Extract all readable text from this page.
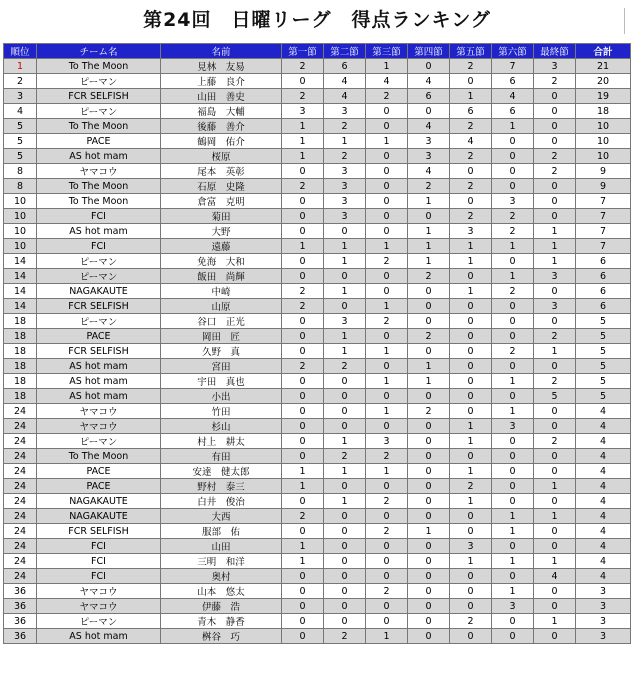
第24回　日曜リーグ　得点ランキング
順位	チーム名	名前	第一節	第二節	第三節	第四節	第五節	第六節	最終節	合計
1	To The Moon	見林　友易	2	6	1	0	2	7	3	21
2	ピーマン	上藤　良介	0	4	4	4	0	6	2	20
3	FCR SELFISH	山田　善史	2	4	2	6	1	4	0	19
4	ピーマン	福島　大輔	3	3	0	0	6	6	0	18
5	To The Moon	後藤　善介	1	2	0	4	2	1	0	10
5	PACE	鶴岡　佑介	1	1	1	3	4	0	0	10
5	AS hot mam	桜原	1	2	0	3	2	0	2	10
8	ヤマコウ	尾本　英彰	0	3	0	4	0	0	2	9
8	To The Moon	石原　史隆	2	3	0	2	2	0	0	9
10	To The Moon	倉富　克明	0	3	0	1	0	3	0	7
10	FCI	菊田	0	3	0	0	2	2	0	7
10	AS hot mam	大野	0	0	0	1	3	2	1	7
10	FCI	遠藤	1	1	1	1	1	1	1	7
14	ピーマン	免海　大和	0	1	2	1	1	0	1	6
14	ピーマン	飯田　尚輝	0	0	0	2	0	1	3	6
14	NAGAKAUTE	中崎	2	1	0	0	1	2	0	6
14	FCR SELFISH	山原	2	0	1	0	0	0	3	6
18	ピーマン	谷口　正光	0	3	2	0	0	0	0	5
18	PACE	岡田　匠	0	1	0	2	0	0	2	5
18	FCR SELFISH	久野　真	0	1	1	0	0	2	1	5
18	AS hot mam	宮田	2	2	0	1	0	0	0	5
18	AS hot mam	宇田　真也	0	0	1	1	0	1	2	5
18	AS hot mam	小出	0	0	0	0	0	0	5	5
24	ヤマコウ	竹田	0	0	1	2	0	1	0	4
24	ヤマコウ	杉山	0	0	0	0	1	3	0	4
24	ピーマン	村上　耕太	0	1	3	0	1	0	2	4
24	To The Moon	有田	0	2	2	0	0	0	0	4
24	PACE	安達　健太郎	1	1	1	0	1	0	0	4
24	PACE	野村　泰三	1	0	0	0	2	0	1	4
24	NAGAKAUTE	白井　俊治	0	1	2	0	1	0	0	4
24	NAGAKAUTE	大西	2	0	0	0	0	1	1	4
24	FCR SELFISH	服部　佑	0	0	2	1	0	1	0	4
24	FCI	山田	1	0	0	0	3	0	0	4
24	FCI	三明　和洋	1	0	0	0	1	1	1	4
24	FCI	奥村	0	0	0	0	0	0	4	4
36	ヤマコウ	山本　悠太	0	0	2	0	0	1	0	3
36	ヤマコウ	伊藤　浩	0	0	0	0	0	3	0	3
36	ピーマン	青木　静香	0	0	0	0	2	0	1	3
36	AS hot mam	桝谷　巧	0	2	1	0	0	0	0	3
